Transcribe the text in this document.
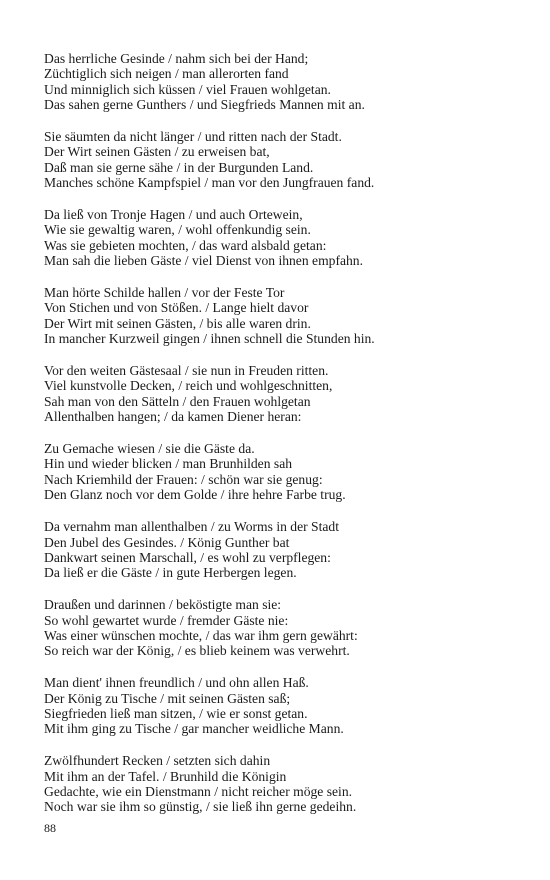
Das herrliche Gesinde / nahm sich bei der Hand;
Züchtiglich sich neigen / man allerorten fand
Und minniglich sich küssen / viel Frauen wohlgetan.
Das sahen gerne Gunthers / und Siegfrieds Mannen mit an.
Sie säumten da nicht länger / und ritten nach der Stadt.
Der Wirt seinen Gästen / zu erweisen bat,
Daß man sie gerne sähe / in der Burgunden Land.
Manches schöne Kampfspiel / man vor den Jungfrauen fand.
Da ließ von Tronje Hagen / und auch Ortewein,
Wie sie gewaltig waren, / wohl offenkundig sein.
Was sie gebieten mochten, / das ward alsbald getan:
Man sah die lieben Gäste / viel Dienst von ihnen empfahn.
Man hörte Schilde hallen / vor der Feste Tor
Von Stichen und von Stößen. / Lange hielt davor
Der Wirt mit seinen Gästen, / bis alle waren drin.
In mancher Kurzweil gingen / ihnen schnell die Stunden hin.
Vor den weiten Gästesaal / sie nun in Freuden ritten.
Viel kunstvolle Decken, / reich und wohlgeschnitten,
Sah man von den Sätteln / den Frauen wohlgetan
Allenthalben hangen; / da kamen Diener heran:
Zu Gemache wiesen / sie die Gäste da.
Hin und wieder blicken / man Brunhilden sah
Nach Kriemhild der Frauen: / schön war sie genug:
Den Glanz noch vor dem Golde / ihre hehre Farbe trug.
Da vernahm man allenthalben / zu Worms in der Stadt
Den Jubel des Gesindes. / König Gunther bat
Dankwart seinen Marschall, / es wohl zu verpflegen:
Da ließ er die Gäste / in gute Herbergen legen.
Draußen und darinnen / beköstigte man sie:
So wohl gewartet wurde / fremder Gäste nie:
Was einer wünschen mochte, / das war ihm gern gewährt:
So reich war der König, / es blieb keinem was verwehrt.
Man dient' ihnen freundlich / und ohn allen Haß.
Der König zu Tische / mit seinen Gästen saß;
Siegfrieden ließ man sitzen, / wie er sonst getan.
Mit ihm ging zu Tische / gar mancher weidliche Mann.
Zwölfhundert Recken / setzten sich dahin
Mit ihm an der Tafel. / Brunhild die Königin
Gedachte, wie ein Dienstmann / nicht reicher möge sein.
Noch war sie ihm so günstig, / sie ließ ihn gerne gedeihn.
88
